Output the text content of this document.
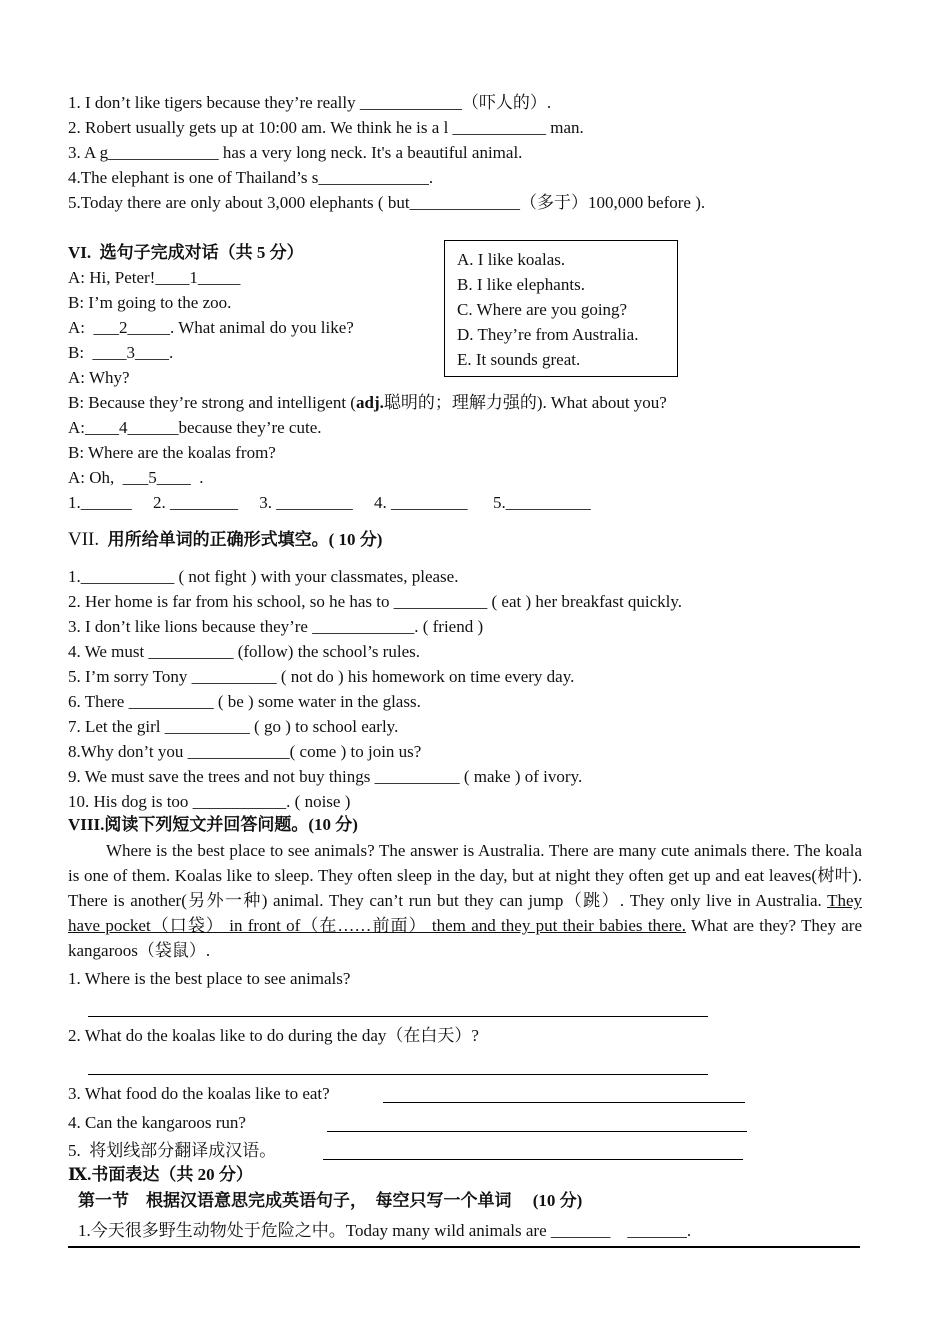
1. I don’t like tigers because they’re really ____________（吓人的）.
2. Robert usually gets up at 10:00 am. We think he is a l ___________ man.
3. A g_____________ has a very long neck. It's a beautiful animal.
4.The elephant is one of Thailand’s s_____________.
5.Today there are only about 3,000 elephants ( but_____________（多于）100,000 before ).
VI.  选句子完成对话（共 5 分）
A: Hi, Peter!____1_____
B: I’m going to the zoo.
A:  ___2_____. What animal do you like?
B:  ____3____.
A: Why?
B: Because they’re strong and intelligent (adj.聪明的；理解力强的). What about you?
A:____4______because they’re cute.
B: Where are the koalas from?
A: Oh,  ___5____  .
1.______     2. ________     3. _________     4. _________      5.__________
A. I like koalas.
B. I like elephants.
C. Where are you going?
D. They’re from Australia.
E. It sounds great.
VII.  用所给单词的正确形式填空。( 10 分)
1.___________ ( not fight ) with your classmates, please.
2. Her home is far from his school, so he has to ___________ ( eat ) her breakfast quickly.
3. I don’t like lions because they’re ____________. ( friend )
4. We must __________ (follow) the school’s rules.
5. I’m sorry Tony __________ ( not do ) his homework on time every day.
6. There __________ ( be ) some water in the glass.
7. Let the girl __________ ( go ) to school early.
8.Why don’t you ____________( come ) to join us?
9. We must save the trees and not buy things __________ ( make ) of ivory.
10. His dog is too ___________. ( noise )
VIII.阅读下列短文并回答问题。(10 分)
Where is the best place to see animals? The answer is Australia. There are many cute animals there. The koala is one of them. Koalas like to sleep. They often sleep in the day, but at night they often get up and eat leaves(树叶). There is another(另外一种) animal. They can’t run but they can jump（跳）. They only live in Australia. They have pocket（口袋） in front of（在……前面） them and they put their babies there. What are they? They are kangaroos（袋鼠）.
1. Where is the best place to see animals?
2. What do the koalas like to do during the day（在白天）?
3. What food do the koalas like to eat?
4. Can the kangaroos run?
5.  将划线部分翻译成汉语。
Ⅸ.书面表达（共 20 分）
第一节    根据汉语意思完成英语句子，  每空只写一个单词     (10 分)
1.今天很多野生动物处于危险之中。Today many wild animals are _______    _______.
